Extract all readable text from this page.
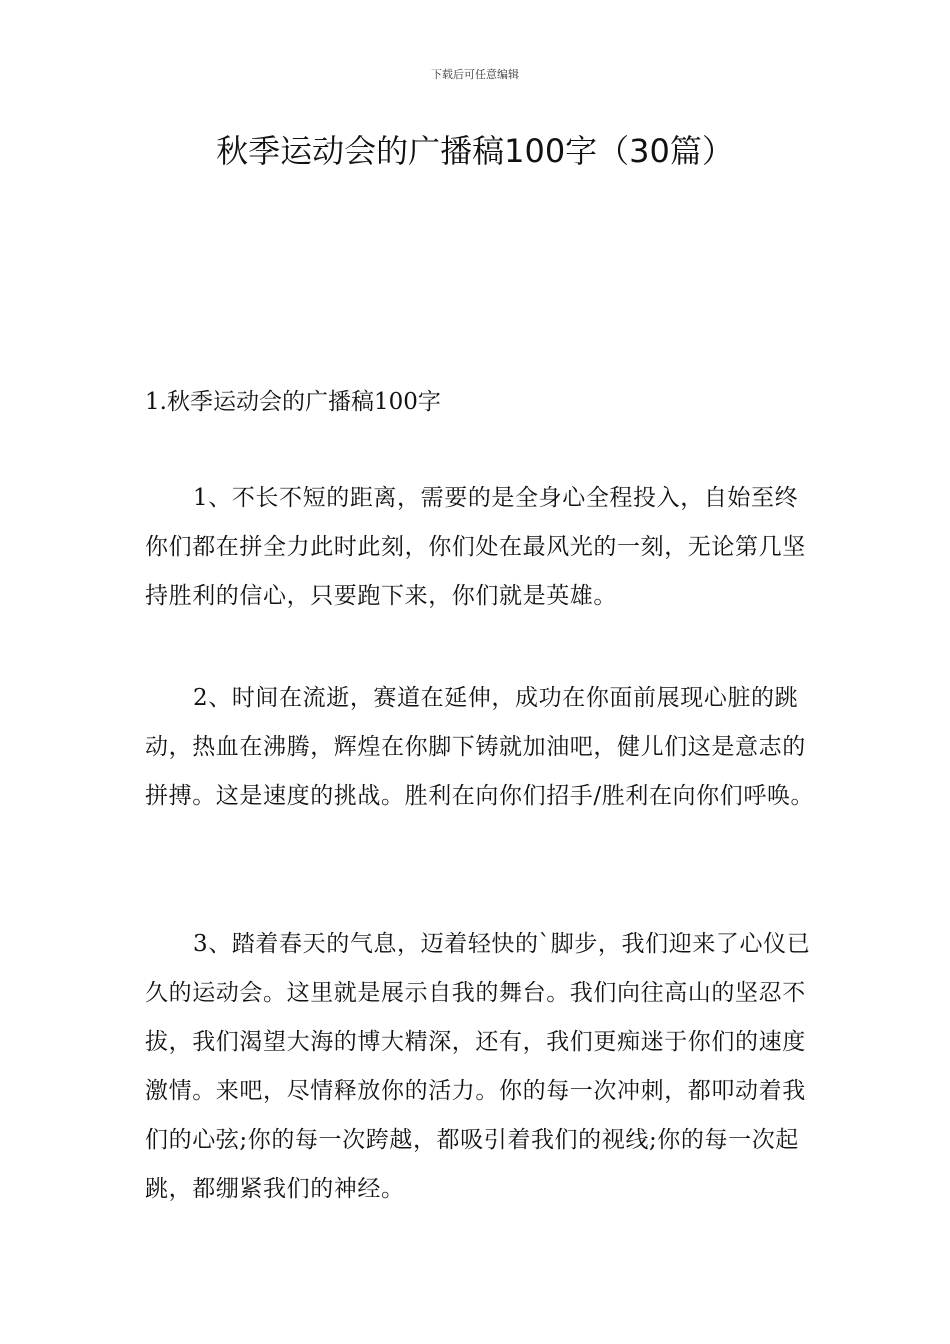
下载后可任意编辑
秋季运动会的广播稿100字（30篇）
1.秋季运动会的广播稿100字

1、不长不短的距离，需要的是全身心全程投入，自始至终你们都在拼全力此时此刻，你们处在最风光的一刻，无论第几坚持胜利的信心，只要跑下来，你们就是英雄。

2、时间在流逝，赛道在延伸，成功在你面前展现心脏的跳动，热血在沸腾，辉煌在你脚下铸就加油吧，健儿们这是意志的拼搏。这是速度的挑战。胜利在向你们招手/胜利在向你们呼唤。

3、踏着春天的气息，迈着轻快的`脚步，我们迎来了心仪已久的运动会。这里就是展示自我的舞台。我们向往高山的坚忍不拔，我们渴望大海的博大精深，还有，我们更痴迷于你们的速度激情。来吧，尽情释放你的活力。你的每一次冲刺，都叩动着我们的心弦;你的每一次跨越，都吸引着我们的视线;你的每一次起跳，都绷紧我们的神经。
